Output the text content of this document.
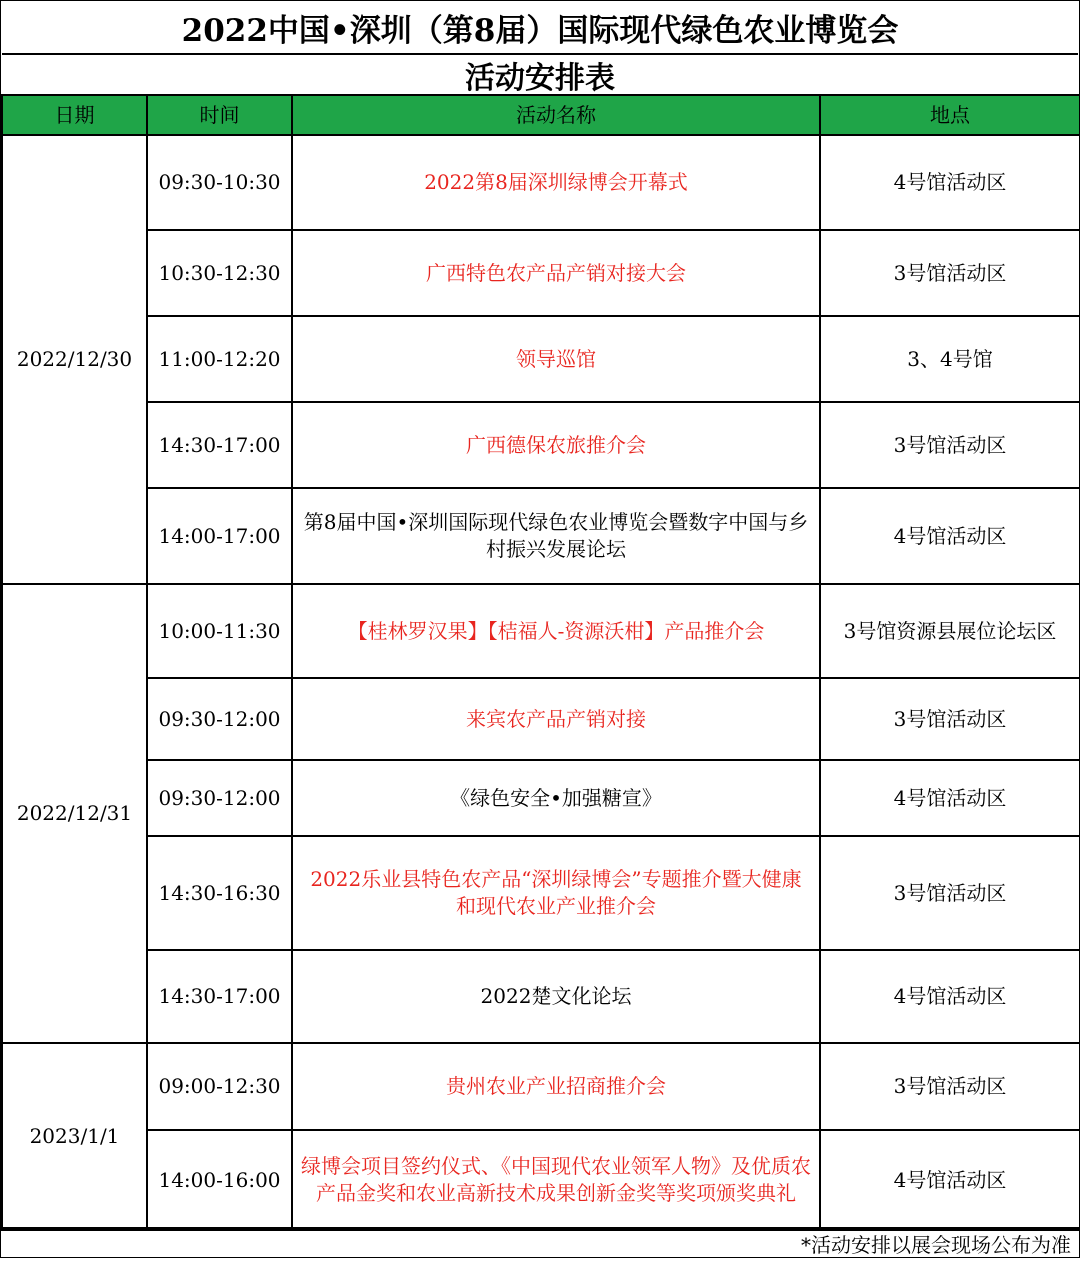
2022中国•深圳（第8届）国际现代绿色农业博览会
活动安排表
日期	时间	活动名称	地点
2022/12/30	09:30-10:30	2022第8届深圳绿博会开幕式	4号馆活动区
	10:30-12:30	广西特色农产品产销对接大会	3号馆活动区
	11:00-12:20	领导巡馆	3、4号馆
	14:30-17:00	广西德保农旅推介会	3号馆活动区
	14:00-17:00	第8届中国•深圳国际现代绿色农业博览会暨数字中国与乡村振兴发展论坛	4号馆活动区
2022/12/31	10:00-11:30	【桂林罗汉果】【桔福人-资源沃柑】产品推介会	3号馆资源县展位论坛区
	09:30-12:00	来宾农产品产销对接	3号馆活动区
	09:30-12:00	《绿色安全•加强糖宣》	4号馆活动区
	14:30-16:30	2022乐业县特色农产品“深圳绿博会”专题推介暨大健康和现代农业产业推介会	3号馆活动区
	14:30-17:00	2022楚文化论坛	4号馆活动区
2023/1/1	09:00-12:30	贵州农业产业招商推介会	3号馆活动区
	14:00-16:00	绿博会项目签约仪式、《中国现代农业领军人物》及优质农产品金奖和农业高新技术成果创新金奖等奖项颁奖典礼	4号馆活动区
*活动安排以展会现场公布为准
